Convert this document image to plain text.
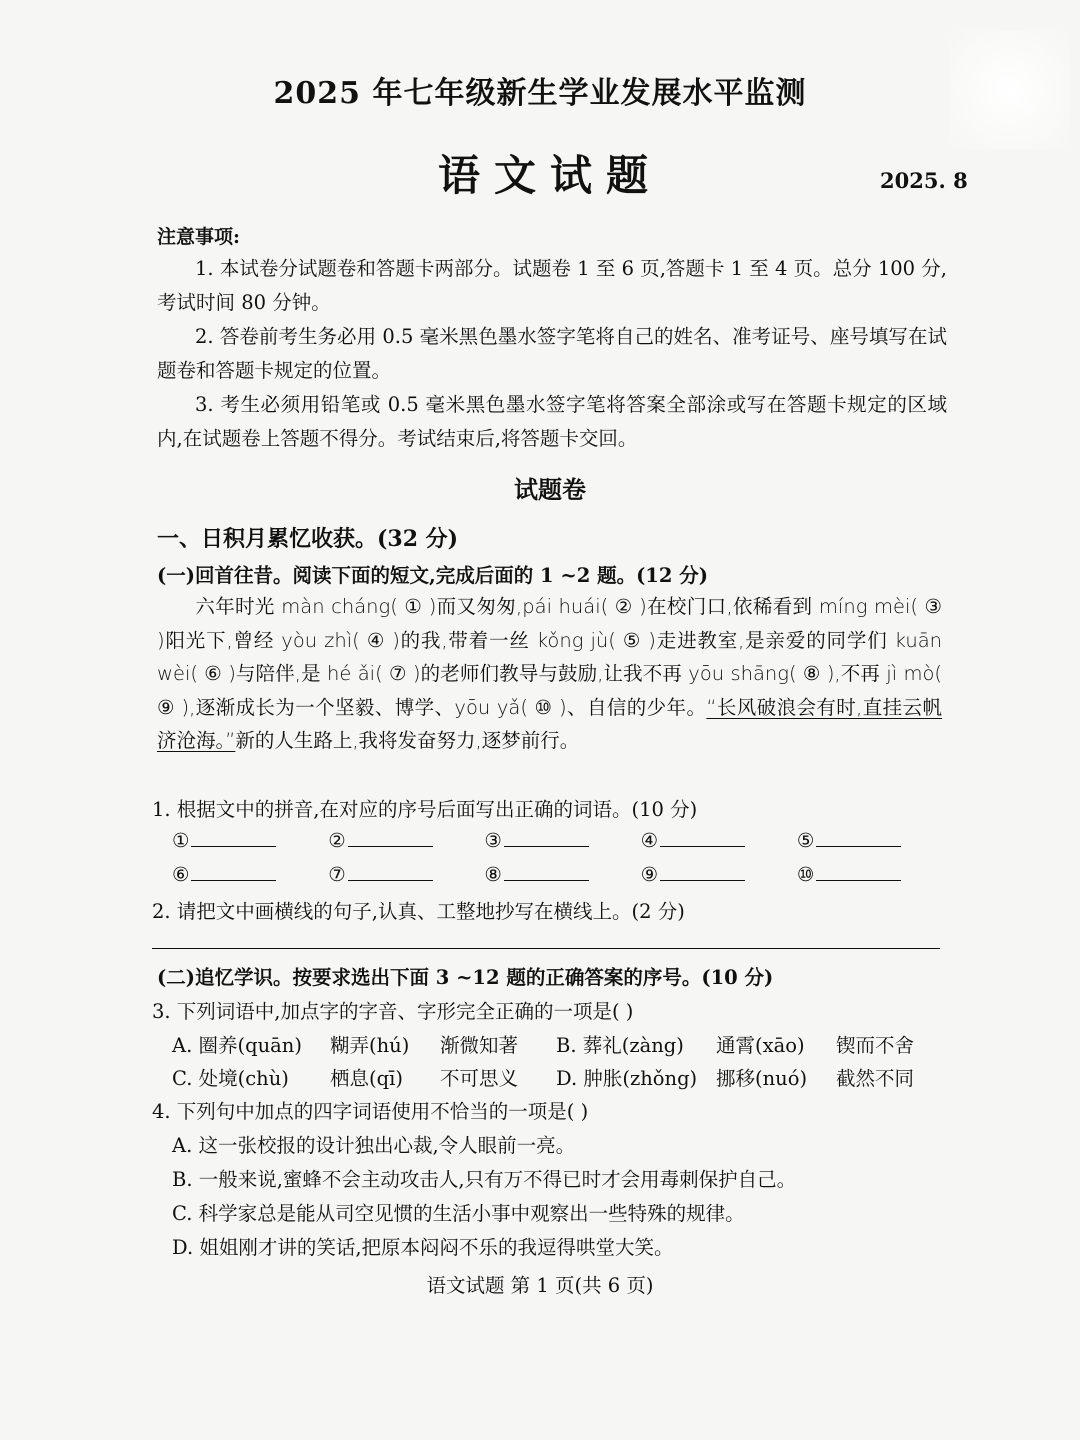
2025 年七年级新生学业发展水平监测
语文试题	2025. 8
注意事项:
1. 本试卷分试题卷和答题卡两部分。试题卷 1 至 6 页,答题卡 1 至 4 页。总分 100 分,考试时间 80 分钟。
2. 答卷前考生务必用 0.5 毫米黑色墨水签字笔将自己的姓名、准考证号、座号填写在试题卷和答题卡规定的位置。
3. 考生必须用铅笔或 0.5 毫米黑色墨水签字笔将答案全部涂或写在答题卡规定的区域内,在试题卷上答题不得分。考试结束后,将答题卡交回。
试题卷
一、日积月累忆收获。(32 分)
(一)回首往昔。阅读下面的短文,完成后面的 1 ~2 题。(12 分)
六年时光 màn cháng( ① )而又匆匆,pái huái( ② )在校门口,依稀看到 míng mèi( ③ )阳光下,曾经 yòu zhì( ④ )的我,带着一丝 kǒng jù( ⑤ )走进教室,是亲爱的同学们 kuān wèi( ⑥ )与陪伴,是 hé ǎi( ⑦ )的老师们教导与鼓励,让我不再 yōu shāng( ⑧ ),不再 jì mò( ⑨ ),逐渐成长为一个坚毅、博学、yōu yǎ( ⑩ )、自信的少年。“长风破浪会有时,直挂云帆济沧海。”新的人生路上,我将发奋努力,逐梦前行。
1. 根据文中的拼音,在对应的序号后面写出正确的词语。(10 分)
①	②	③	④	⑤
⑥	⑦	⑧	⑨	⑩
2. 请把文中画横线的句子,认真、工整地抄写在横线上。(2 分)
(二)追忆学识。按要求选出下面 3 ~12 题的正确答案的序号。(10 分)
3. 下列词语中,加点字的字音、字形完全正确的一项是( )
A. 圈养(quān) 糊弄(hú) 渐微知著 B. 葬礼(zàng) 通霄(xāo) 锲而不舍
C. 处境(chù) 栖息(qī) 不可思义 D. 肿胀(zhǒng) 挪移(nuó) 截然不同
4. 下列句中加点的四字词语使用不恰当的一项是( )
A. 这一张校报的设计独出心裁,令人眼前一亮。
B. 一般来说,蜜蜂不会主动攻击人,只有万不得已时才会用毒刺保护自己。
C. 科学家总是能从司空见惯的生活小事中观察出一些特殊的规律。
D. 姐姐刚才讲的笑话,把原本闷闷不乐的我逗得哄堂大笑。
语文试题 第 1 页(共 6 页)
